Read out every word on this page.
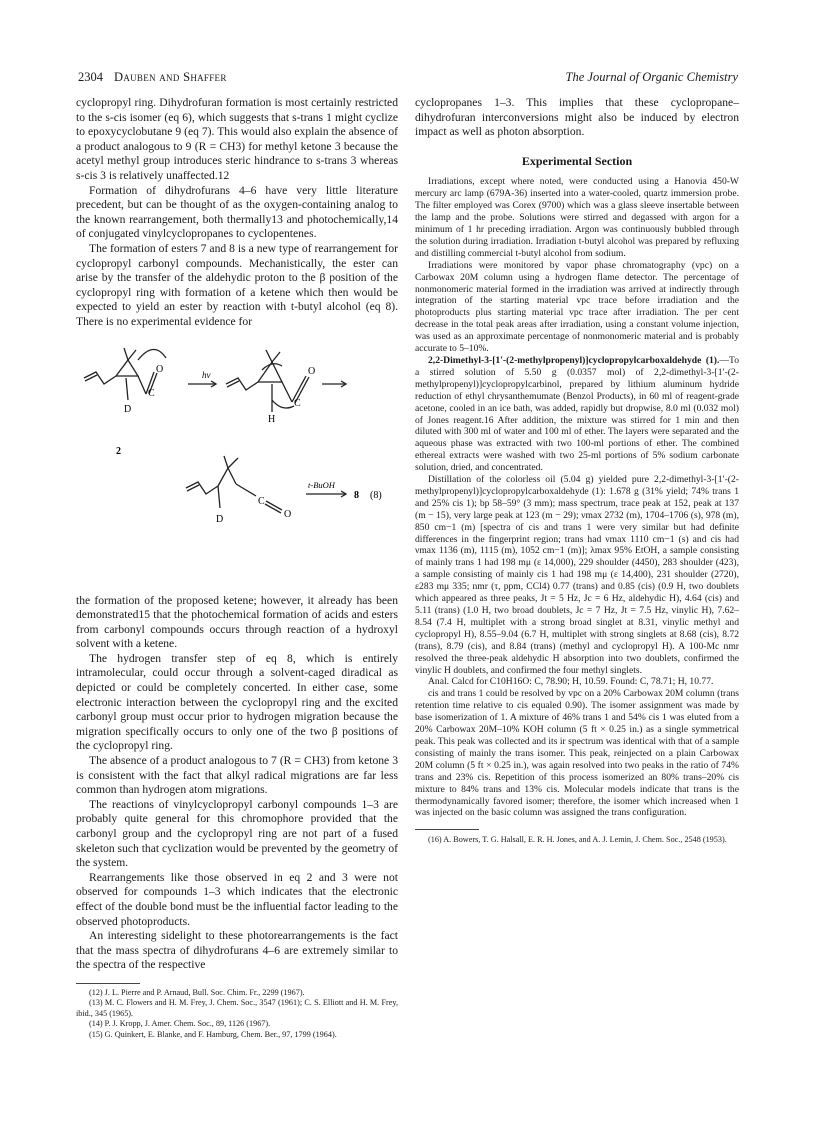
2304 Dauben and Shaffer	The Journal of Organic Chemistry

cyclopropyl ring. Dihydrofuran formation is most certainly restricted to the s-cis isomer (eq 6), which suggests that s-trans 1 might cyclize to epoxycyclobutane 9 (eq 7). This would also explain the absence of a product analogous to 9 (R = CH3) for methyl ketone 3 because the acetyl methyl group introduces steric hindrance to s-trans 3 whereas s-cis 3 is relatively unaffected.12

Formation of dihydrofurans 4–6 have very little literature precedent, but can be thought of as the oxygen-containing analog to the known rearrangement, both thermally13 and photochemically,14 of conjugated vinylcyclopropanes to cyclopentenes.

The formation of esters 7 and 8 is a new type of rearrangement for cyclopropyl carbonyl compounds. Mechanistically, the ester can arise by the transfer of the aldehydic proton to the β position of the cyclopropyl ring with formation of a ketene which then would be expected to yield an ester by reaction with t-butyl alcohol (eq 8). There is no experimental evidence for

hν
C
O
D
2
C
O
H
C
O
D
t-BuOH
8 (8)

the formation of the proposed ketene; however, it already has been demonstrated15 that the photochemical formation of acids and esters from carbonyl compounds occurs through reaction of a hydroxyl solvent with a ketene.

The hydrogen transfer step of eq 8, which is entirely intramolecular, could occur through a solvent-caged diradical as depicted or could be completely concerted. In either case, some electronic interaction between the cyclopropyl ring and the excited carbonyl group must occur prior to hydrogen migration because the migration specifically occurs to only one of the two β positions of the cyclopropyl ring.

The absence of a product analogous to 7 (R = CH3) from ketone 3 is consistent with the fact that alkyl radical migrations are far less common than hydrogen atom migrations.

The reactions of vinylcyclopropyl carbonyl compounds 1–3 are probably quite general for this chromophore provided that the carbonyl group and the cyclopropyl ring are not part of a fused skeleton such that cyclization would be prevented by the geometry of the system.

Rearrangements like those observed in eq 2 and 3 were not observed for compounds 1–3 which indicates that the electronic effect of the double bond must be the influential factor leading to the observed photoproducts.

An interesting sidelight to these photorearrangements is the fact that the mass spectra of dihydrofurans 4–6 are extremely similar to the spectra of the respective

(12) J. L. Pierre and P. Arnaud, Bull. Soc. Chim. Fr., 2299 (1967).

(13) M. C. Flowers and H. M. Frey, J. Chem. Soc., 3547 (1961); C. S. Elliott and H. M. Frey, ibid., 345 (1965).

(14) P. J. Kropp, J. Amer. Chem. Soc., 89, 1126 (1967).

(15) G. Quinkert, E. Blanke, and F. Hamburg, Chem. Ber., 97, 1799 (1964).

cyclopropanes 1–3. This implies that these cyclopropane–dihydrofuran interconversions might also be induced by electron impact as well as photon absorption.

Experimental Section

Irradiations, except where noted, were conducted using a Hanovia 450-W mercury arc lamp (679A-36) inserted into a water-cooled, quartz immersion probe. The filter employed was Corex (9700) which was a glass sleeve insertable between the lamp and the probe. Solutions were stirred and degassed with argon for a minimum of 1 hr preceding irradiation. Argon was continuously bubbled through the solution during irradiation. Irradiation t-butyl alcohol was prepared by refluxing and distilling commercial t-butyl alcohol from sodium.

Irradiations were monitored by vapor phase chromatography (vpc) on a Carbowax 20M column using a hydrogen flame detector. The percentage of nonmonomeric material formed in the irradiation was arrived at indirectly through integration of the starting material vpc trace before irradiation and the photoproducts plus starting material vpc trace after irradiation. The per cent decrease in the total peak areas after irradiation, using a constant volume injection, was used as an approximate percentage of nonmonomeric material and is probably accurate to 5–10%.

2,2-Dimethyl-3-[1′-(2-methylpropenyl)]cyclopropylcarboxaldehyde (1).—To a stirred solution of 5.50 g (0.0357 mol) of 2,2-dimethyl-3-[1′-(2-methylpropenyl)]cyclopropylcarbinol, prepared by lithium aluminum hydride reduction of ethyl chrysanthemumate (Benzol Products), in 60 ml of reagent-grade acetone, cooled in an ice bath, was added, rapidly but dropwise, 8.0 ml (0.032 mol) of Jones reagent.16 After addition, the mixture was stirred for 1 min and then diluted with 300 ml of water and 100 ml of ether. The layers were separated and the aqueous phase was extracted with two 100-ml portions of ether. The combined ethereal extracts were washed with two 25-ml portions of 5% sodium carbonate solution, dried, and concentrated.

Distillation of the colorless oil (5.04 g) yielded pure 2,2-dimethyl-3-[1′-(2-methylpropenyl)]cyclopropylcarboxaldehyde (1): 1.678 g (31% yield; 74% trans 1 and 25% cis 1); bp 58–59° (3 mm); mass spectrum, trace peak at 152, peak at 137 (m − 15), very large peak at 123 (m − 29); νmax 2732 (m), 1704–1706 (s), 978 (m), 850 cm−1 (m) [spectra of cis and trans 1 were very similar but had definite differences in the fingerprint region; trans had νmax 1110 cm−1 (s) and cis had νmax 1136 (m), 1115 (m), 1052 cm−1 (m)]; λmax 95% EtOH, a sample consisting of mainly trans 1 had 198 mμ (ε 14,000), 229 shoulder (4450), 283 shoulder (423), a sample consisting of mainly cis 1 had 198 mμ (ε 14,400), 231 shoulder (2720), ε283 mμ 335; nmr (τ, ppm, CCl4) 0.77 (trans) and 0.85 (cis) (0.9 H, two doublets which appeared as three peaks, Jt = 5 Hz, Jc = 6 Hz, aldehydic H), 4.64 (cis) and 5.11 (trans) (1.0 H, two broad doublets, Jc = 7 Hz, Jt = 7.5 Hz, vinylic H), 7.62–8.54 (7.4 H, multiplet with a strong broad singlet at 8.31, vinylic methyl and cyclopropyl H), 8.55–9.04 (6.7 H, multiplet with strong singlets at 8.68 (cis), 8.72 (trans), 8.79 (cis), and 8.84 (trans) (methyl and cyclopropyl H). A 100-Mc nmr resolved the three-peak aldehydic H absorption into two doublets, confirmed the vinylic H doublets, and confirmed the four methyl singlets.

Anal. Calcd for C10H16O: C, 78.90; H, 10.59. Found: C, 78.71; H, 10.77.

cis and trans 1 could be resolved by vpc on a 20% Carbowax 20M column (trans retention time relative to cis equaled 0.90). The isomer assignment was made by base isomerization of 1. A mixture of 46% trans 1 and 54% cis 1 was eluted from a 20% Carbowax 20M–10% KOH column (5 ft × 0.25 in.) as a single symmetrical peak. This peak was collected and its ir spectrum was identical with that of a sample consisting of mainly the trans isomer. This peak, reinjected on a plain Carbowax 20M column (5 ft × 0.25 in.), was again resolved into two peaks in the ratio of 74% trans and 23% cis. Repetition of this process isomerized an 80% trans–20% cis mixture to 84% trans and 13% cis. Molecular models indicate that trans is the thermodynamically favored isomer; therefore, the isomer which increased when 1 was injected on the basic column was assigned the trans configuration.

(16) A. Bowers, T. G. Halsall, E. R. H. Jones, and A. J. Lemin, J. Chem. Soc., 2548 (1953).
